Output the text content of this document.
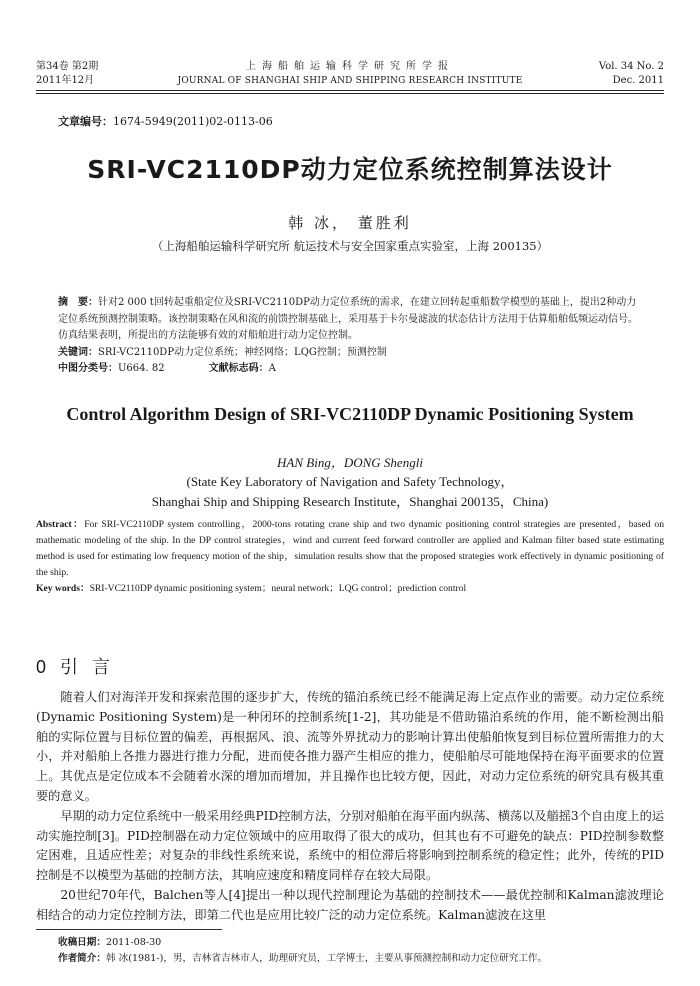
第34卷 第2期
2011年12月
上海船舶运输科学研究所学报
JOURNAL OF SHANGHAI SHIP AND SHIPPING RESEARCH INSTITUTE
Vol. 34 No. 2
Dec. 2011
文章编号：1674-5949(2011)02-0113-06
SRI-VC2110DP动力定位系统控制算法设计
韩 冰， 董胜利
（上海船舶运输科学研究所 航运技术与安全国家重点实验室，上海 200135）
摘　要：针对2 000 t回转起重船定位及SRI-VC2110DP动力定位系统的需求，在建立回转起重船数学模型的基础上，提出2种动力定位系统预测控制策略。该控制策略在风和流的前馈控制基础上，采用基于卡尔曼滤波的状态估计方法用于估算船舶低频运动信号。仿真结果表明，所提出的方法能够有效的对船舶进行动力定位控制。
关键词：SRI-VC2110DP动力定位系统；神经网络；LQG控制；预测控制
中图分类号：U664. 82	文献标志码：A
Control Algorithm Design of SRI-VC2110DP Dynamic Positioning System
HAN Bing，DONG Shengli
(State Key Laboratory of Navigation and Safety Technology，
Shanghai Ship and Shipping Research Institute，Shanghai 200135，China)
Abstract：For SRI-VC2110DP system controlling，2000-tons rotating crane ship and two dynamic positioning control strategies are presented，based on mathematic modeling of the ship. In the DP control strategies，wind and current feed forward controller are applied and Kalman filter based state estimating method is used for estimating low frequency motion of the ship，simulation results show that the proposed strategies work effectively in dynamic positioning of the ship.
Key words：SRI-VC2110DP dynamic positioning system；neural network；LQG control；prediction control
0 引言

随着人们对海洋开发和探索范围的逐步扩大，传统的锚泊系统已经不能满足海上定点作业的需要。动力定位系统(Dynamic Positioning System)是一种闭环的控制系统[1-2]，其功能是不借助锚泊系统的作用，能不断检测出船舶的实际位置与目标位置的偏差，再根据风、浪、流等外界扰动力的影响计算出使船舶恢复到目标位置所需推力的大小，并对船舶上各推力器进行推力分配，进而使各推力器产生相应的推力，使船舶尽可能地保持在海平面要求的位置上。其优点是定位成本不会随着水深的增加而增加，并且操作也比较方便，因此，对动力定位系统的研究具有极其重要的意义。

早期的动力定位系统中一般采用经典PID控制方法，分别对船舶在海平面内纵荡、横荡以及艏摇3个自由度上的运动实施控制[3]。PID控制器在动力定位领域中的应用取得了很大的成功，但其也有不可避免的缺点：PID控制参数整定困难，且适应性差；对复杂的非线性系统来说，系统中的相位滞后将影响到控制系统的稳定性；此外，传统的PID控制是不以模型为基础的控制方法，其响应速度和精度同样存在较大局限。

20世纪70年代，Balchen等人[4]提出一种以现代控制理论为基础的控制技术——最优控制和Kalman滤波理论相结合的动力定位控制方法，即第二代也是应用比较广泛的动力定位系统。Kalman滤波在这里

收稿日期：2011-08-30
作者简介：韩 冰(1981-)，男，吉林省吉林市人，助理研究员，工学博士，主要从事预测控制和动力定位研究工作。
